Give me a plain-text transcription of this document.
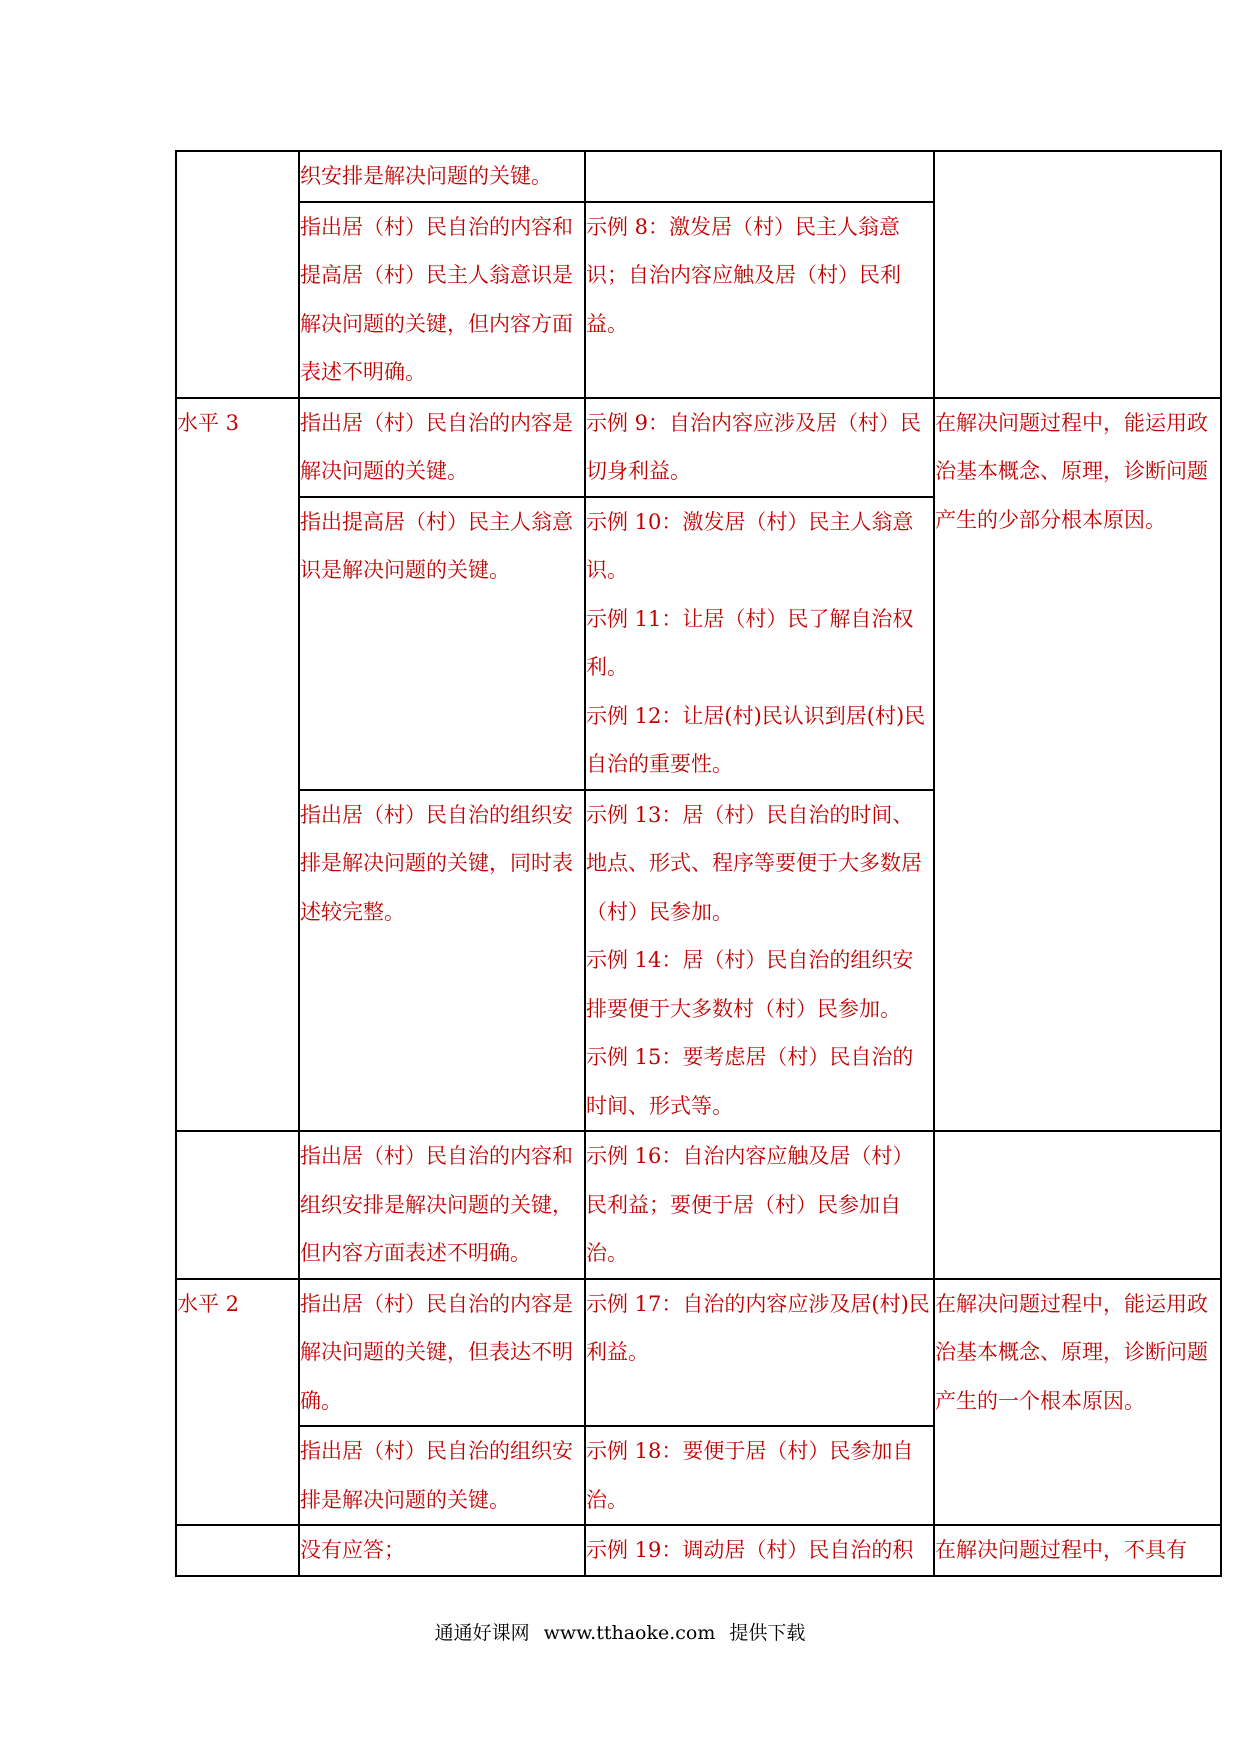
	织安排是解决问题的关键。		

	指出居（村）民自治的内容和提高居（村）民主人翁意识是解决问题的关键，但内容方面表述不明确。	示例 8：激发居（村）民主人翁意识；自治内容应触及居（村）民利益。	

水平 3	指出居（村）民自治的内容是解决问题的关键。	示例 9：自治内容应涉及居（村）民切身利益。	在解决问题过程中，能运用政治基本概念、原理，诊断问题产生的少部分根本原因。

	指出提高居（村）民主人翁意识是解决问题的关键。	示例 10：激发居（村）民主人翁意识。
示例 11：让居（村）民了解自治权利。
示例 12：让居(村)民认识到居(村)民自治的重要性。	

	指出居（村）民自治的组织安排是解决问题的关键，同时表述较完整。	示例 13：居（村）民自治的时间、地点、形式、程序等要便于大多数居（村）民参加。
示例 14：居（村）民自治的组织安排要便于大多数村（村）民参加。
示例 15：要考虑居（村）民自治的时间、形式等。	

	指出居（村）民自治的内容和组织安排是解决问题的关键，但内容方面表述不明确。	示例 16：自治内容应触及居（村）民利益；要便于居（村）民参加自治。	

水平 2	指出居（村）民自治的内容是解决问题的关键，但表达不明确。	示例 17：自治的内容应涉及居(村)民利益。	在解决问题过程中，能运用政治基本概念、原理，诊断问题产生的一个根本原因。

	指出居（村）民自治的组织安排是解决问题的关键。	示例 18：要便于居（村）民参加自治。	

	没有应答；	示例 19：调动居（村）民自治的积	在解决问题过程中，不具有
通通好课网 www.tthaoke.com 提供下载
